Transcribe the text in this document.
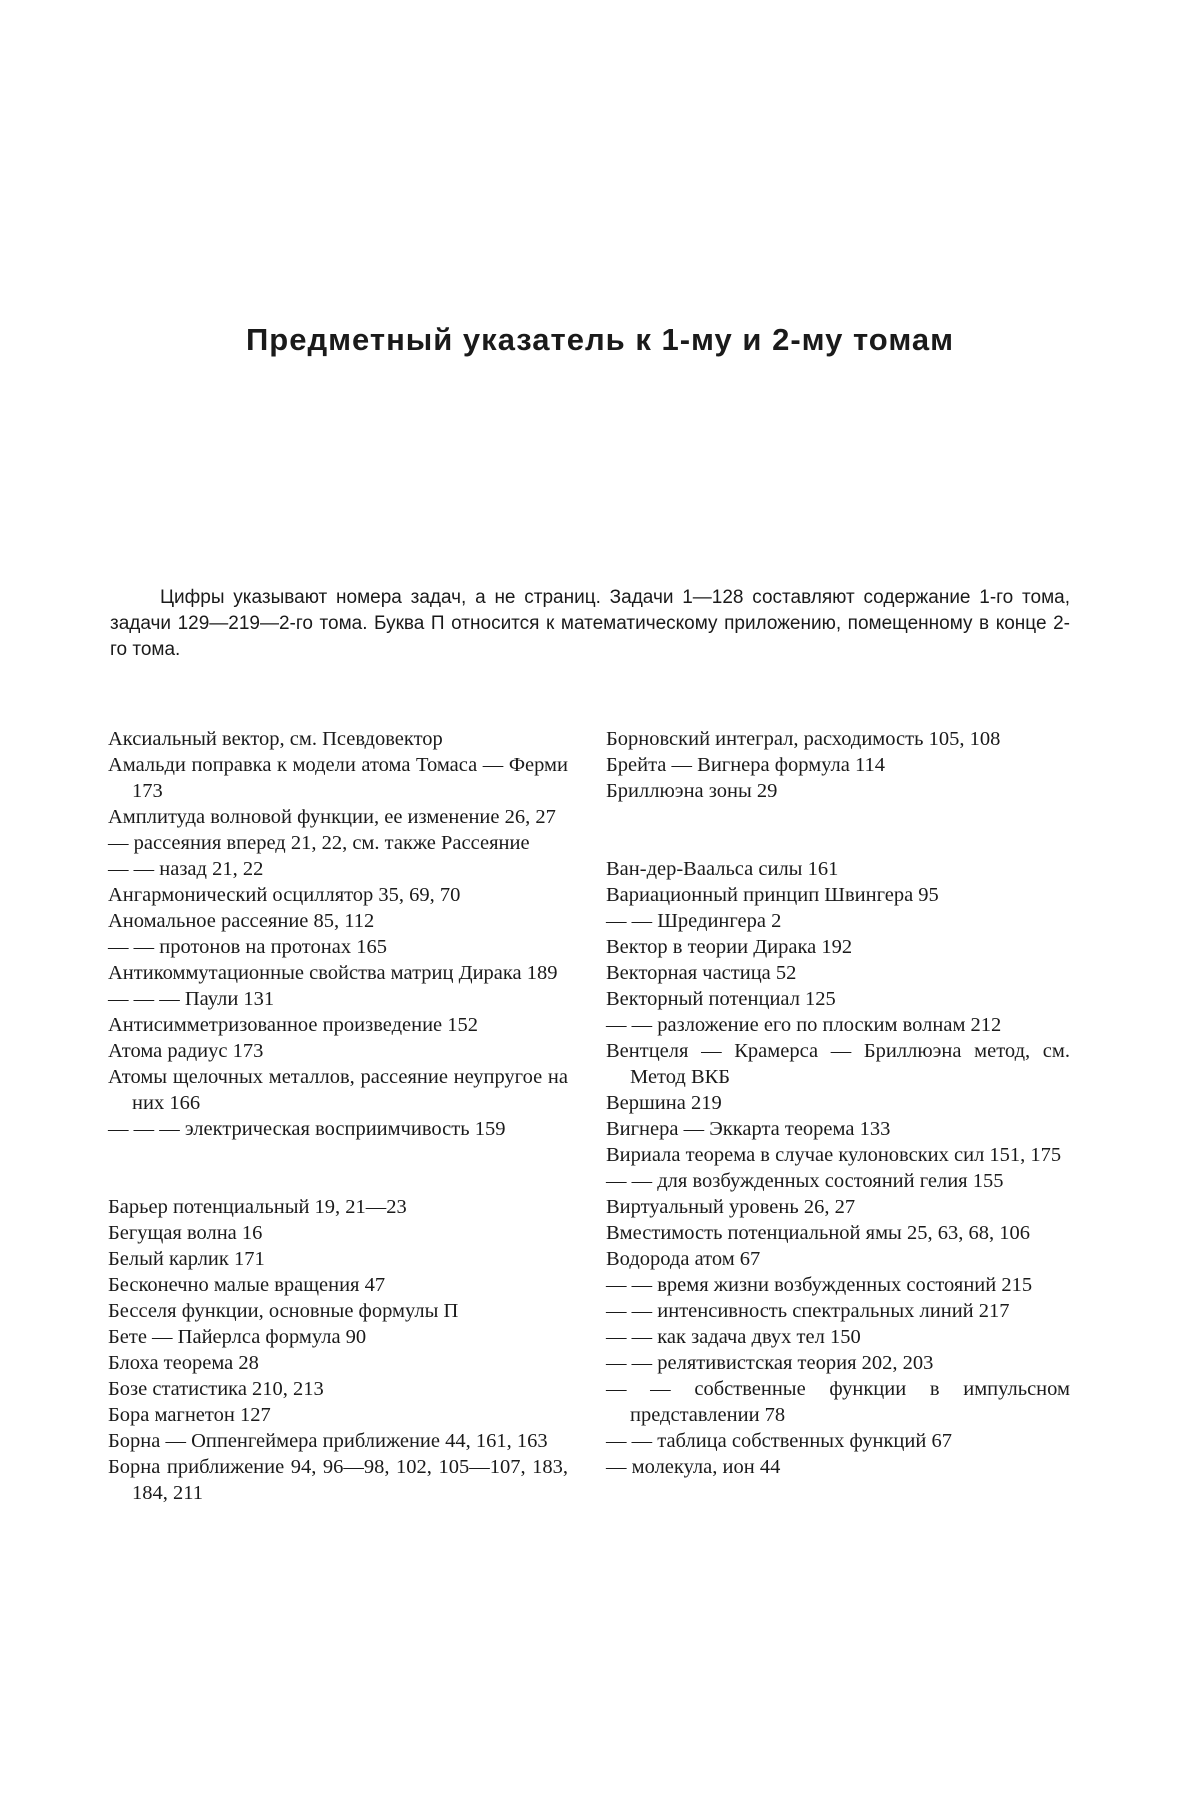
Предметный указатель к 1-му и 2-му томам

Цифры указывают номера задач, а не страниц. Задачи 1—128 составляют содержание 1-го тома, задачи 129—219—2-го тома. Буква П относится к математическому приложению, помещенному в конце 2-го тома.

Аксиальный вектор, см. Псевдовектор

Амальди поправка к модели атома Томаса — Ферми 173

Амплитуда волновой функции, ее изменение 26, 27

— рассеяния вперед 21, 22, см. также Рассеяние

— — назад 21, 22

Ангармонический осциллятор 35, 69, 70

Аномальное рассеяние 85, 112

— — протонов на протонах 165

Антикоммутационные свойства матриц Дирака 189

— — — Паули 131

Антисимметризованное произведение 152

Атома радиус 173

Атомы щелочных металлов, рассеяние неупругое на них 166

— — — электрическая восприимчивость 159

Барьер потенциальный 19, 21—23

Бегущая волна 16

Белый карлик 171

Бесконечно малые вращения 47

Бесселя функции, основные формулы П

Бете — Пайерлса формула 90

Блоха теорема 28

Бозе статистика 210, 213

Бора магнетон 127

Борна — Оппенгеймера приближение 44, 161, 163

Борна приближение 94, 96—98, 102, 105—107, 183, 184, 211

Борновский интеграл, расходимость 105, 108

Брейта — Вигнера формула 114

Бриллюэна зоны 29

Ван-дер-Ваальса силы 161

Вариационный принцип Швингера 95

— — Шредингера 2

Вектор в теории Дирака 192

Векторная частица 52

Векторный потенциал 125

— — разложение его по плоским волнам 212

Вентцеля — Крамерса — Бриллюэна метод, см. Метод ВКБ

Вершина 219

Вигнера — Эккарта теорема 133

Вириала теорема в случае кулоновских сил 151, 175

— — для возбужденных состояний гелия 155

Виртуальный уровень 26, 27

Вместимость потенциальной ямы 25, 63, 68, 106

Водорода атом 67

— — время жизни возбужденных состояний 215

— — интенсивность спектральных линий 217

— — как задача двух тел 150

— — релятивистская теория 202, 203

— — собственные функции в импульсном представлении 78

— — таблица собственных функций 67

— молекула, ион 44
